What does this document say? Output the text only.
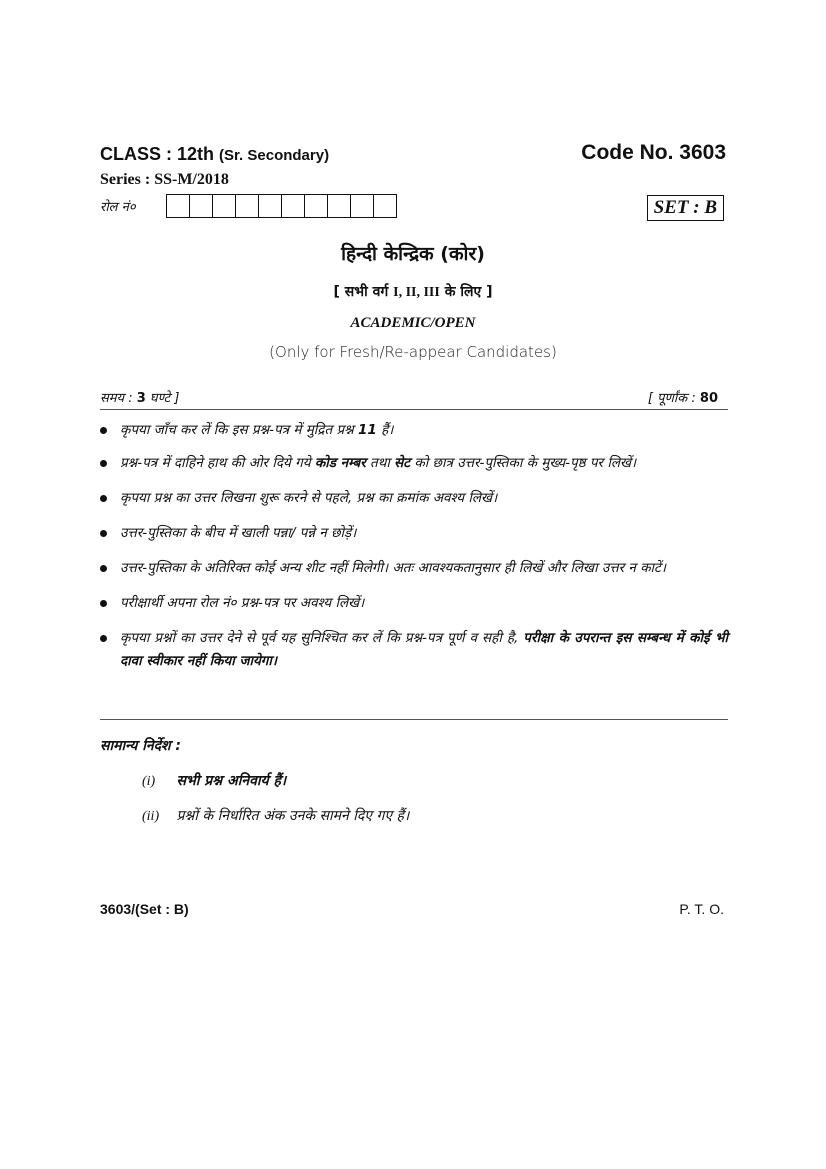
CLASS : 12th (Sr. Secondary)	Code No. 3603
Series : SS-M/2018
रोल नं०	SET : B
हिन्दी केन्द्रिक (कोर)
[ सभी वर्ग I, II, III के लिए ]
ACADEMIC/OPEN
(Only for Fresh/Re-appear Candidates)
समय : 3 घण्टे ]	[ पूर्णांक : 80
कृपया जाँच कर लें कि इस प्रश्न-पत्र में मुद्रित प्रश्न 11 हैं।
प्रश्न-पत्र में दाहिने हाथ की ओर दिये गये कोड नम्बर तथा सेट को छात्र उत्तर-पुस्तिका के मुख्य-पृष्ठ पर लिखें।
कृपया प्रश्न का उत्तर लिखना शुरू करने से पहले, प्रश्न का क्रमांक अवश्य लिखें।
उत्तर-पुस्तिका के बीच में खाली पन्ना/ पन्ने न छोड़ें।
उत्तर-पुस्तिका के अतिरिक्त कोई अन्य शीट नहीं मिलेगी। अतः आवश्यकतानुसार ही लिखें और लिखा उत्तर न काटें।
परीक्षार्थी अपना रोल नं० प्रश्न-पत्र पर अवश्य लिखें।
कृपया प्रश्नों का उत्तर देने से पूर्व यह सुनिश्चित कर लें कि प्रश्न-पत्र पूर्ण व सही है, परीक्षा के उपरान्त इस सम्बन्ध में कोई भी दावा स्वीकार नहीं किया जायेगा।
सामान्य निर्देश :
(i) सभी प्रश्न अनिवार्य हैं।
(ii) प्रश्नों के निर्धारित अंक उनके सामने दिए गए हैं।
3603/(Set : B)	P. T. O.
